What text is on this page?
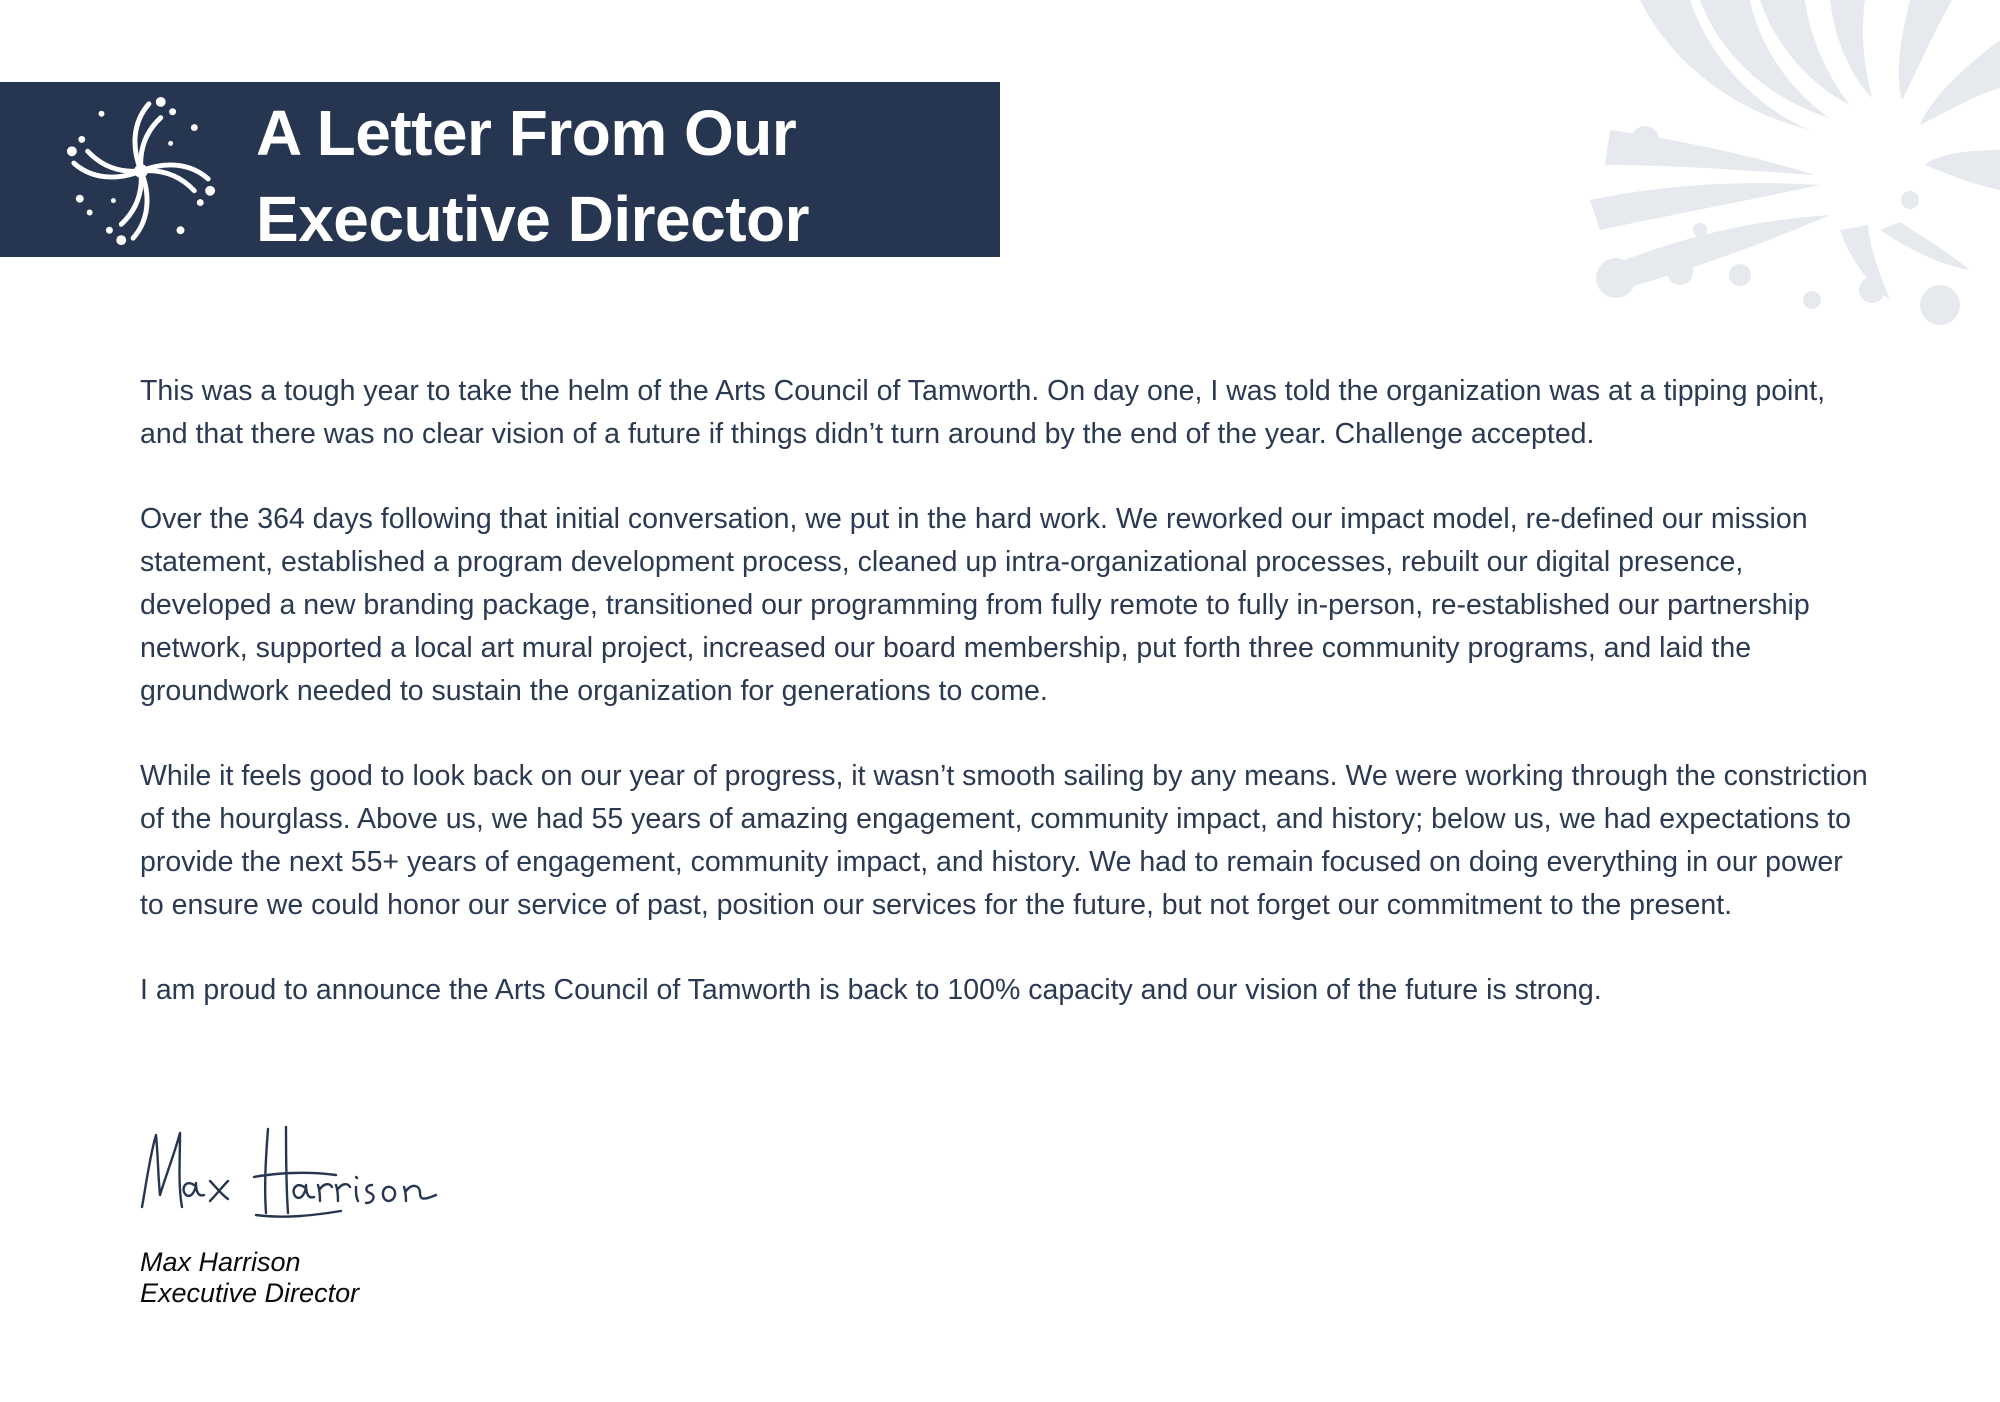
A Letter From Our
Executive Director

This was a tough year to take the helm of the Arts Council of Tamworth. On day one, I was told the organization was at a tipping point, and that there was no clear vision of a future if things didn’t turn around by the end of the year. Challenge accepted.

Over the 364 days following that initial conversation, we put in the hard work. We reworked our impact model, re-defined our mission statement, established a program development process, cleaned up intra-organizational processes, rebuilt our digital presence, developed a new branding package, transitioned our programming from fully remote to fully in-person, re-established our partnership network, supported a local art mural project, increased our board membership, put forth three community programs, and laid the groundwork needed to sustain the organization for generations to come.

While it feels good to look back on our year of progress, it wasn’t smooth sailing by any means. We were working through the constriction of the hourglass. Above us, we had 55 years of amazing engagement, community impact, and history; below us, we had expectations to provide the next 55+ years of engagement, community impact, and history. We had to remain focused on doing everything in our power to ensure we could honor our service of past, position our services for the future, but not forget our commitment to the present.

I am proud to announce the Arts Council of Tamworth is back to 100% capacity and our vision of the future is strong.

Max Harrison
Executive Director
